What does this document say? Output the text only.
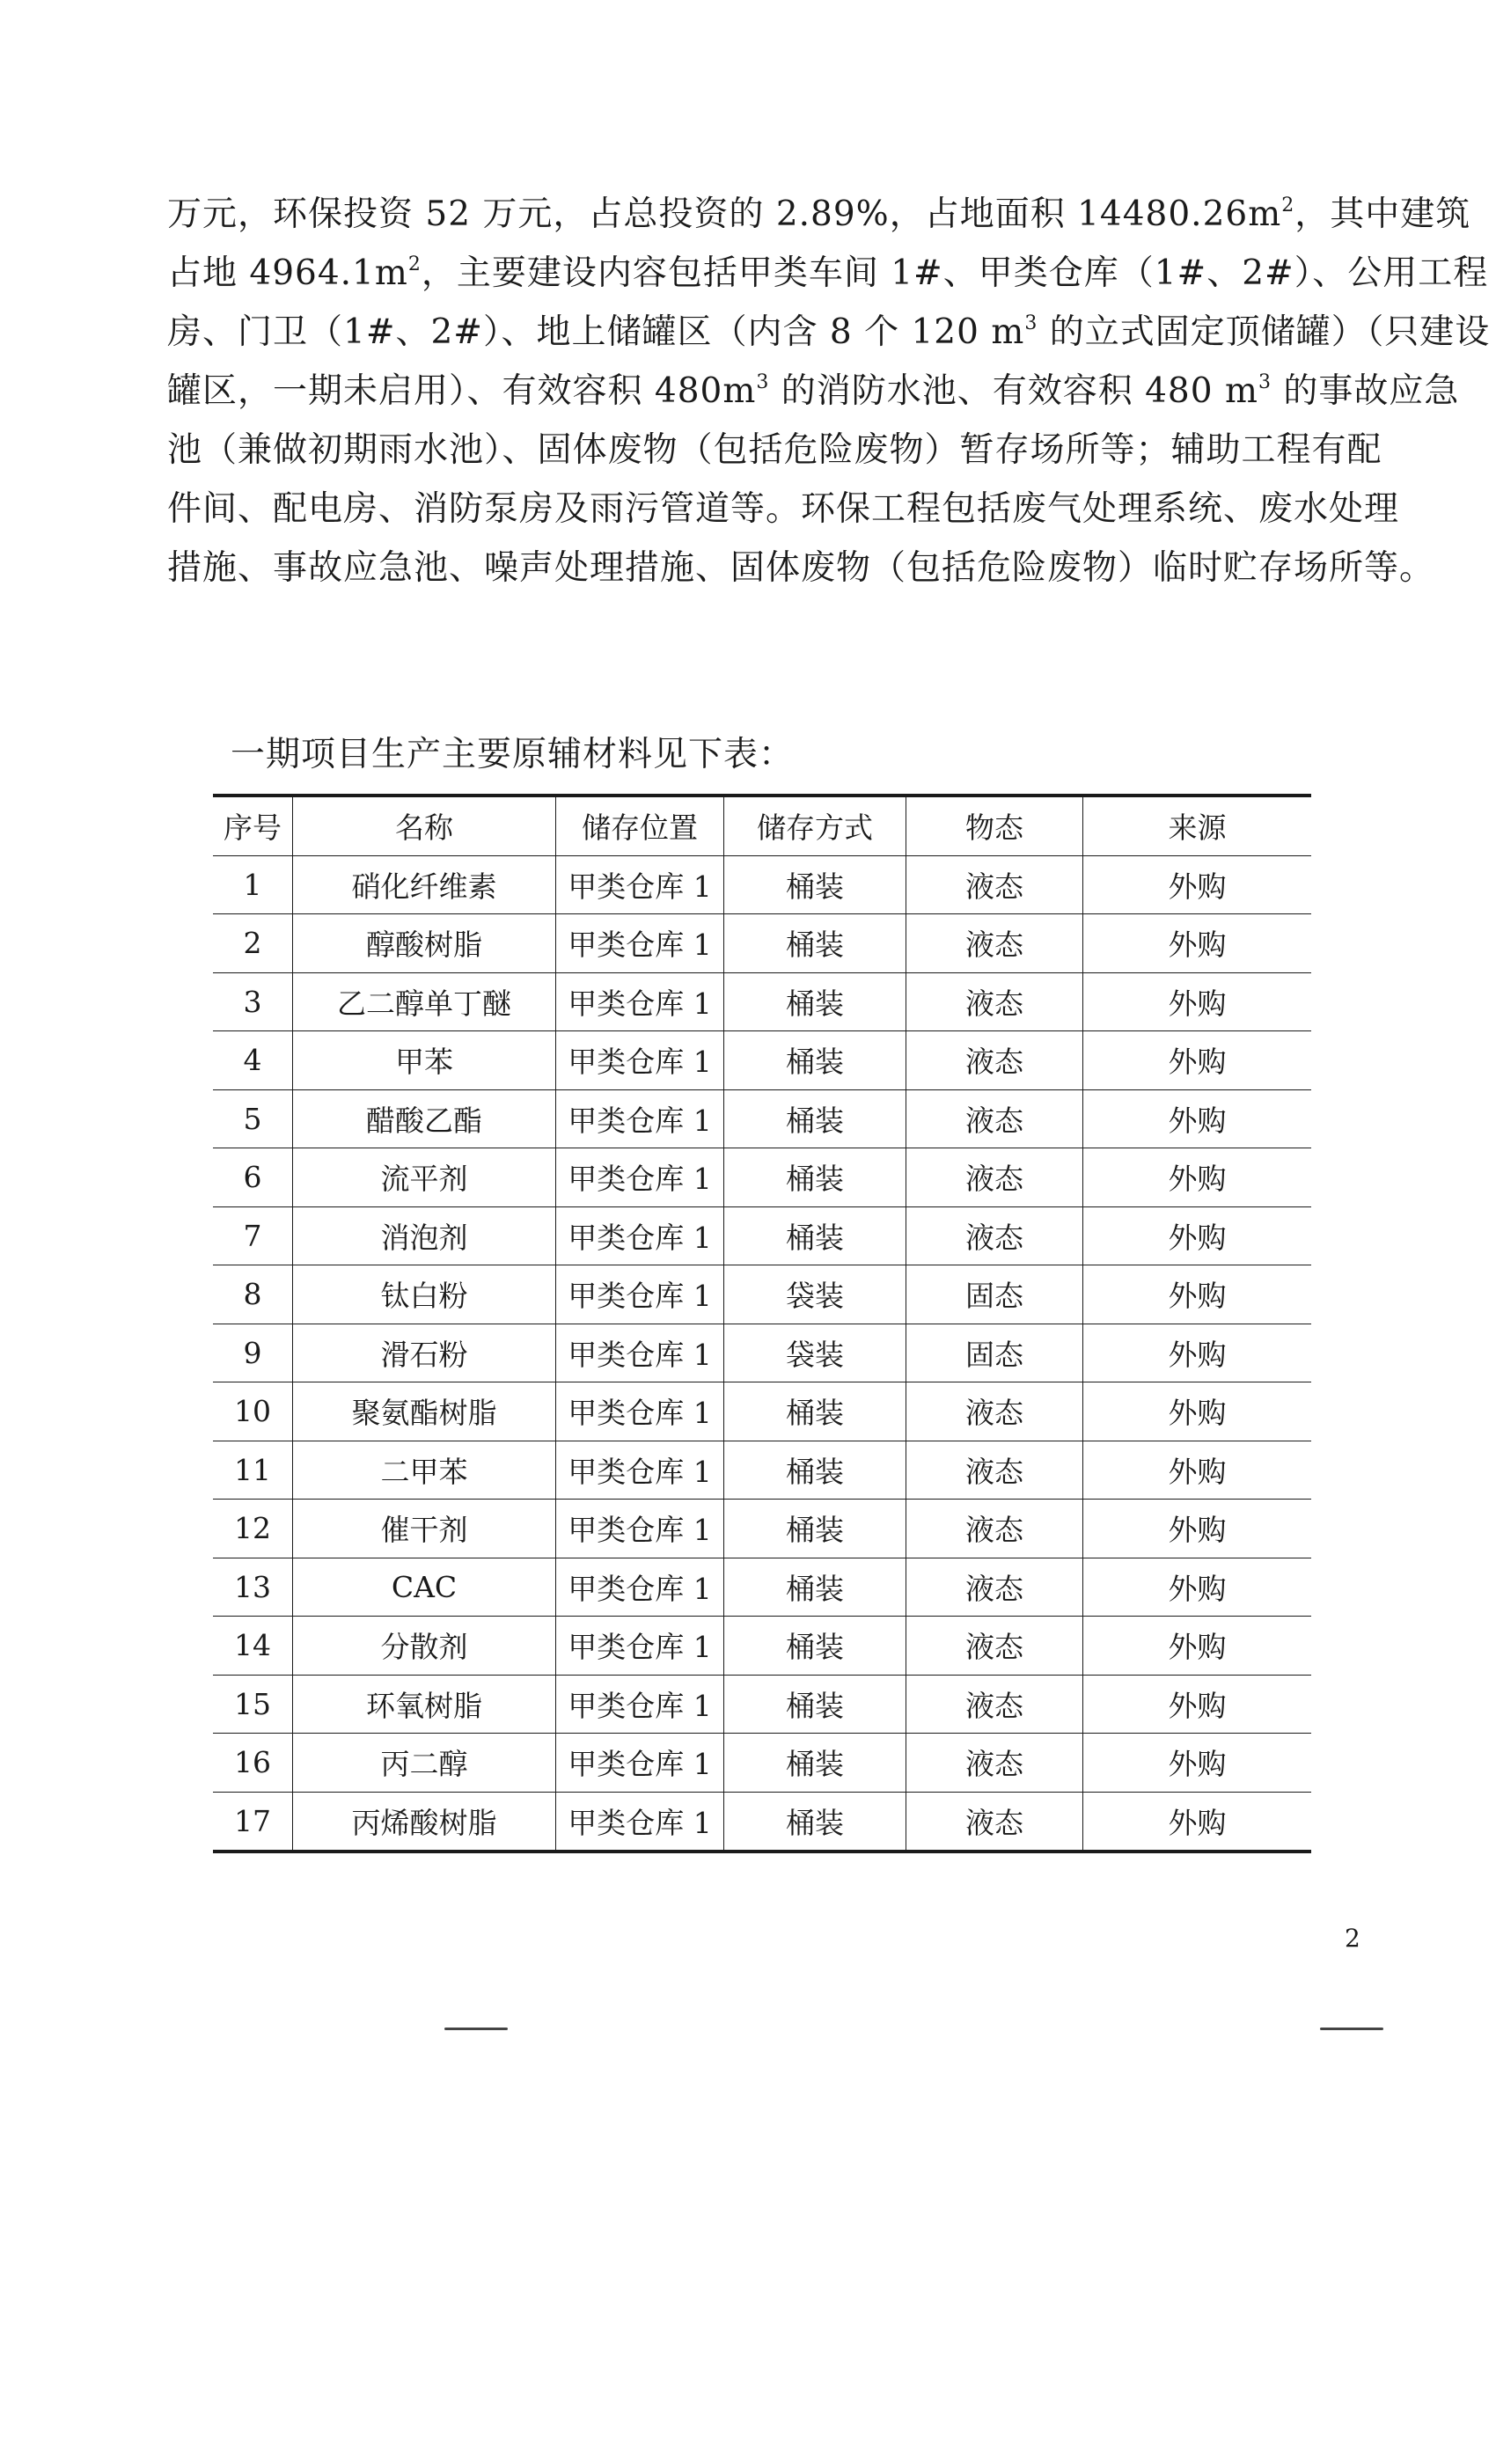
万元，环保投资 52 万元，占总投资的 2.89%，占地面积 $14480.26m^2$，其中建筑
占地 $4964.1m^2$，主要建设内容包括甲类车间 1#、甲类仓库（1#、2#）、公用工程
房、门卫（1#、2#）、地上储罐区（内含 8 个 120 $m^3$ 的立式固定顶储罐）（只建设
罐区，一期未启用）、有效容积 $480m^3$ 的消防水池、有效容积 480 $m^3$ 的事故应急
池（兼做初期雨水池）、固体废物（包括危险废物）暂存场所等；辅助工程有配
件间、配电房、消防泵房及雨污管道等。环保工程包括废气处理系统、废水处理
措施、事故应急池、噪声处理措施、固体废物（包括危险废物）临时贮存场所等。
一期项目生产主要原辅材料见下表：
序号	名称	储存位置	储存方式	物态	来源
1	硝化纤维素	甲类仓库 1	桶装	液态	外购
2	醇酸树脂	甲类仓库 1	桶装	液态	外购
3	乙二醇单丁醚	甲类仓库 1	桶装	液态	外购
4	甲苯	甲类仓库 1	桶装	液态	外购
5	醋酸乙酯	甲类仓库 1	桶装	液态	外购
6	流平剂	甲类仓库 1	桶装	液态	外购
7	消泡剂	甲类仓库 1	桶装	液态	外购
8	钛白粉	甲类仓库 1	袋装	固态	外购
9	滑石粉	甲类仓库 1	袋装	固态	外购
10	聚氨酯树脂	甲类仓库 1	桶装	液态	外购
11	二甲苯	甲类仓库 1	桶装	液态	外购
12	催干剂	甲类仓库 1	桶装	液态	外购
13	CAC	甲类仓库 1	桶装	液态	外购
14	分散剂	甲类仓库 1	桶装	液态	外购
15	环氧树脂	甲类仓库 1	桶装	液态	外购
16	丙二醇	甲类仓库 1	桶装	液态	外购
17	丙烯酸树脂	甲类仓库 1	桶装	液态	外购
2
